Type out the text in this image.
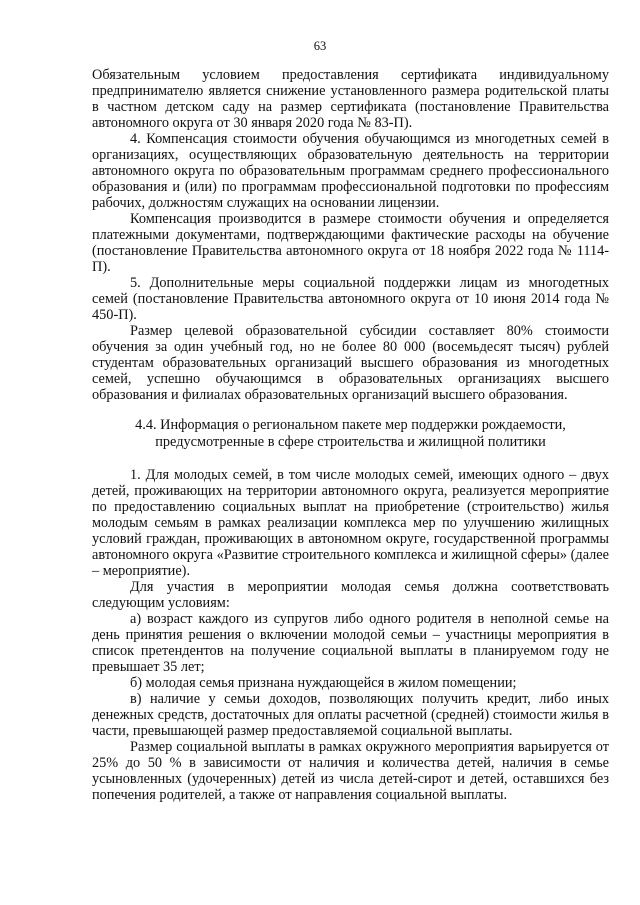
63

Обязательным условием предоставления сертификата индивидуальному предпринимателю является снижение установленного размера родительской платы в частном детском саду на размер сертификата (постановление Правительства автономного округа от 30 января 2020 года № 83-П).

4. Компенсация стоимости обучения обучающимся из многодетных семей в организациях, осуществляющих образовательную деятельность на территории автономного округа по образовательным программам среднего профессионального образования и (или) по программам профессиональной подготовки по профессиям рабочих, должностям служащих на основании лицензии.

Компенсация производится в размере стоимости обучения и определяется платежными документами, подтверждающими фактические расходы на обучение (постановление Правительства автономного округа от 18 ноября 2022 года № 1114-П).

5. Дополнительные меры социальной поддержки лицам из многодетных семей (постановление Правительства автономного округа от 10 июня 2014 года № 450-П).

Размер целевой образовательной субсидии составляет 80% стоимости обучения за один учебный год, но не более 80 000 (восемьдесят тысяч) рублей студентам образовательных организаций высшего образования из многодетных семей, успешно обучающимся в образовательных организациях высшего образования и филиалах образовательных организаций высшего образования.

4.4. Информация о региональном пакете мер поддержки рождаемости,
предусмотренные в сфере строительства и жилищной политики

1. Для молодых семей, в том числе молодых семей, имеющих одного – двух детей, проживающих на территории автономного округа, реализуется мероприятие по предоставлению социальных выплат на приобретение (строительство) жилья молодым семьям в рамках реализации комплекса мер по улучшению жилищных условий граждан, проживающих в автономном округе, государственной программы автономного округа «Развитие строительного комплекса и жилищной сферы» (далее – мероприятие).

Для участия в мероприятии молодая семья должна соответствовать следующим условиям:

а) возраст каждого из супругов либо одного родителя в неполной семье на день принятия решения о включении молодой семьи – участницы мероприятия в список претендентов на получение социальной выплаты в планируемом году не превышает 35 лет;

б) молодая семья признана нуждающейся в жилом помещении;

в) наличие у семьи доходов, позволяющих получить кредит, либо иных денежных средств, достаточных для оплаты расчетной (средней) стоимости жилья в части, превышающей размер предоставляемой социальной выплаты.

Размер социальной выплаты в рамках окружного мероприятия варьируется от 25% до 50 % в зависимости от наличия и количества детей, наличия в семье усыновленных (удочеренных) детей из числа детей-сирот и детей, оставшихся без попечения родителей, а также от направления социальной выплаты.
